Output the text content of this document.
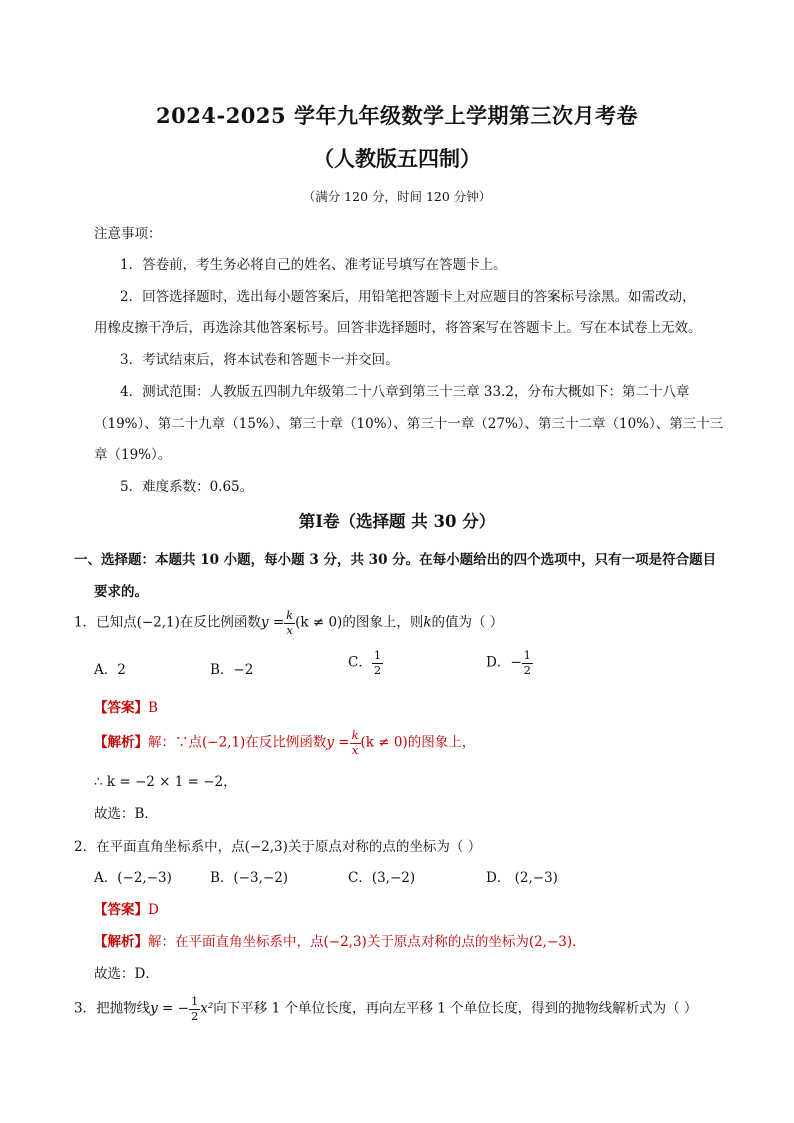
2024-2025 学年九年级数学上学期第三次月考卷
（人教版五四制）
（满分 120 分，时间 120 分钟）
注意事项：
1．答卷前，考生务必将自己的姓名、准考证号填写在答题卡上。
2．回答选择题时，选出每小题答案后，用铅笔把答题卡上对应题目的答案标号涂黑。如需改动，
用橡皮擦干净后，再选涂其他答案标号。回答非选择题时，将答案写在答题卡上。写在本试卷上无效。
3．考试结束后，将本试卷和答题卡一并交回。
4．测试范围：人教版五四制九年级第二十八章到第三十三章 33.2，分布大概如下：第二十八章
（19%）、第二十九章（15%）、第三十章（10%）、第三十一章（27%）、第三十二章（10%）、第三十三
章（19%）。
5．难度系数：0.65。
第Ⅰ卷（选择题 共 30 分）
一、选择题：本题共 10 小题，每小题 3 分，共 30 分。在每小题给出的四个选项中，只有一项是符合题目
要求的。
1．已知点(−2,1)在反比例函数$y = \frac{k}{x} (k \ne 0)$的图象上，则k的值为（ ）
A．2	B．−2	C． $\frac{1}{2}$	D．− $\frac{1}{2}$
【答案】B
【解析】解：∵点(−2,1)在反比例函数$y = \frac{k}{x} (k \ne 0)$的图象上，
∴ k = −2 × 1 = −2，
故选：B．
2．在平面直角坐标系中，点(−2,3)关于原点对称的点的坐标为（ ）
A．(−2,−3)	B．(−3,−2)	C．(3,−2)	D． (2,−3)
【答案】D
【解析】解：在平面直角坐标系中，点(−2,3)关于原点对称的点的坐标为(2,−3)．
故选：D．
3．把抛物线y = − $\frac{1}{2} x^2$向下平移 1 个单位长度，再向左平移 1 个单位长度，得到的抛物线解析式为（ ）
